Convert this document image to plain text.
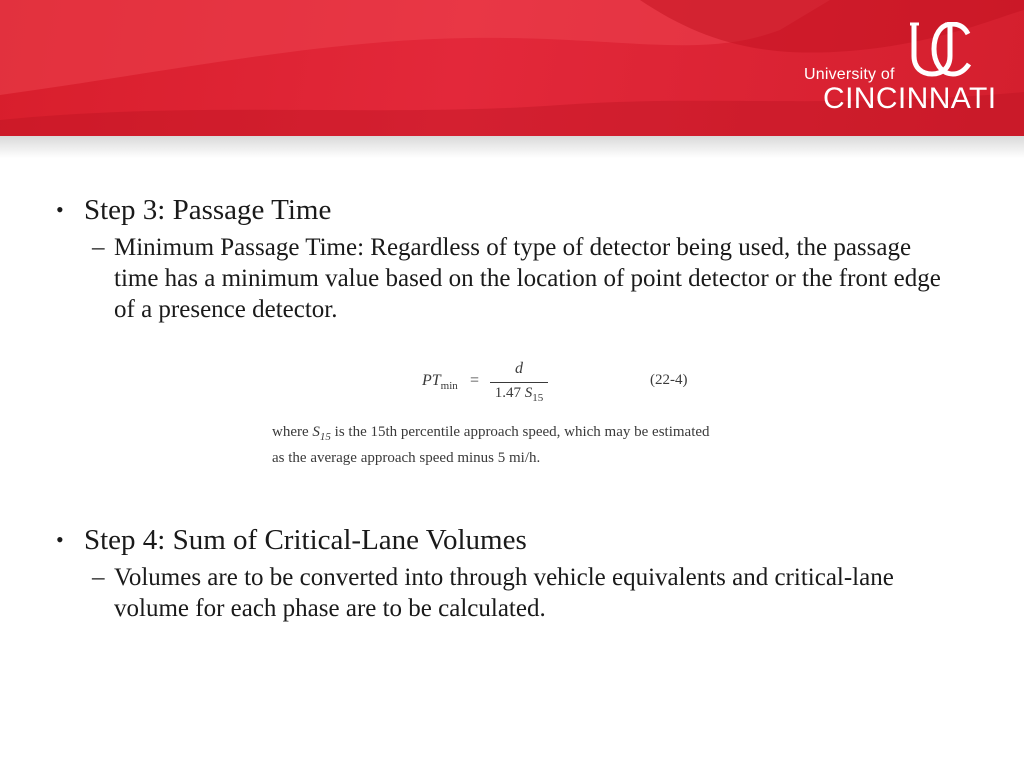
University of
CINCINNATI

• Step 3: Passage Time

– Minimum Passage Time: Regardless of type of detector being used, the passage time has a minimum value based on the location of point detector or the front edge of a presence detector.

$PT_{min}$ =
d
1.47 $S_{15}$
(22-4)
where $S_{15}$ is the 15th percentile approach speed, which may be estimated as the average approach speed minus 5 mi/h.

• Step 4: Sum of Critical-Lane Volumes

– Volumes are to be converted into through vehicle equivalents and critical-lane volume for each phase are to be calculated.
